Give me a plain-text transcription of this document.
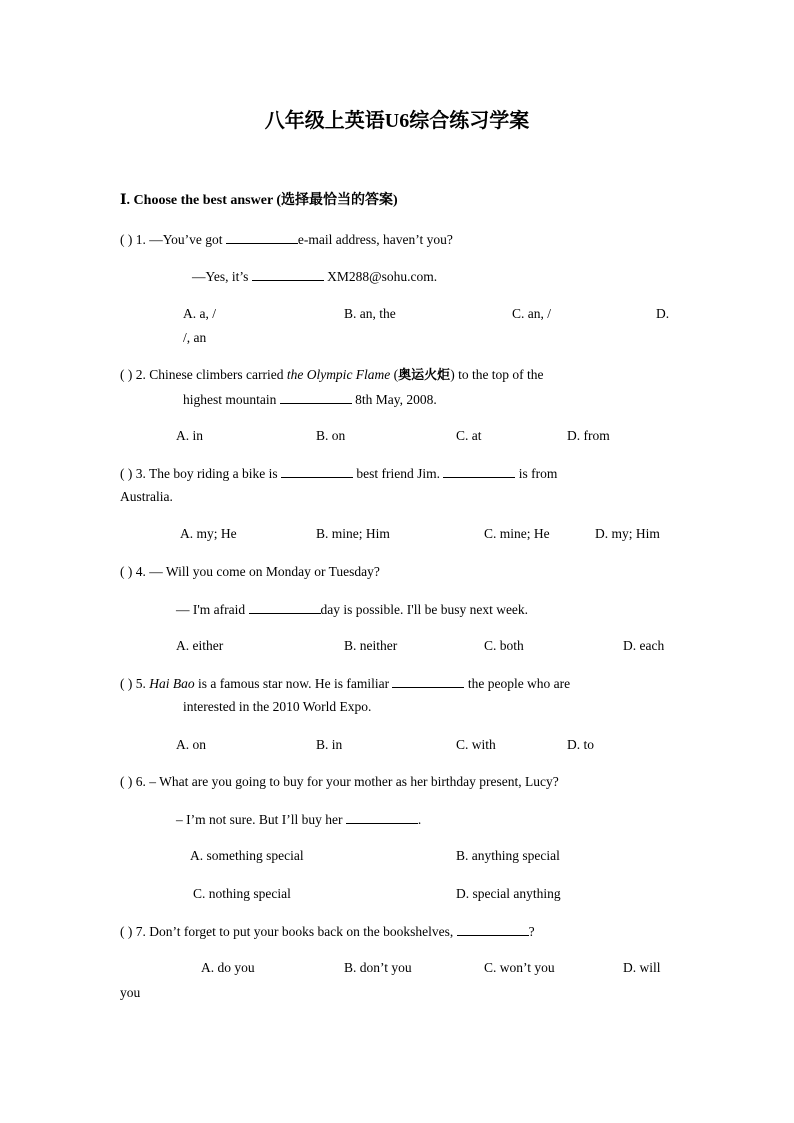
八年级上英语U6综合练习学案
Ⅰ. Choose the best answer (选择最恰当的答案)
( ) 1. —You’ve got	e-mail address, haven’t you?
—Yes, it’s	XM288@sohu.com.
A. a, /	B. an, the	C. an, /	D.
/, an
( ) 2. Chinese climbers carried the Olympic Flame (奥运火炬) to the top of the
highest mountain	8th May, 2008.
A. in	B. on	C. at	D. from
( ) 3. The boy riding a bike is	best friend Jim.	is from
Australia.
A. my; He	B. mine; Him	C. mine; He	D. my; Him
( ) 4. — Will you come on Monday or Tuesday?
— I'm afraid	day is possible. I'll be busy next week.
A. either	B. neither	C. both	D. each
( ) 5. Hai Bao is a famous star now. He is familiar	the people who are
interested in the 2010 World Expo.
A. on	B. in	C. with	D. to
( ) 6. – What are you going to buy for your mother as her birthday present, Lucy?
– I’m not sure. But I’ll buy her	.
A. something special	B. anything special
C. nothing special	D. special anything
( ) 7. Don’t forget to put your books back on the bookshelves,	?
A. do you	B. don’t you	C. won’t you	D. will
you
